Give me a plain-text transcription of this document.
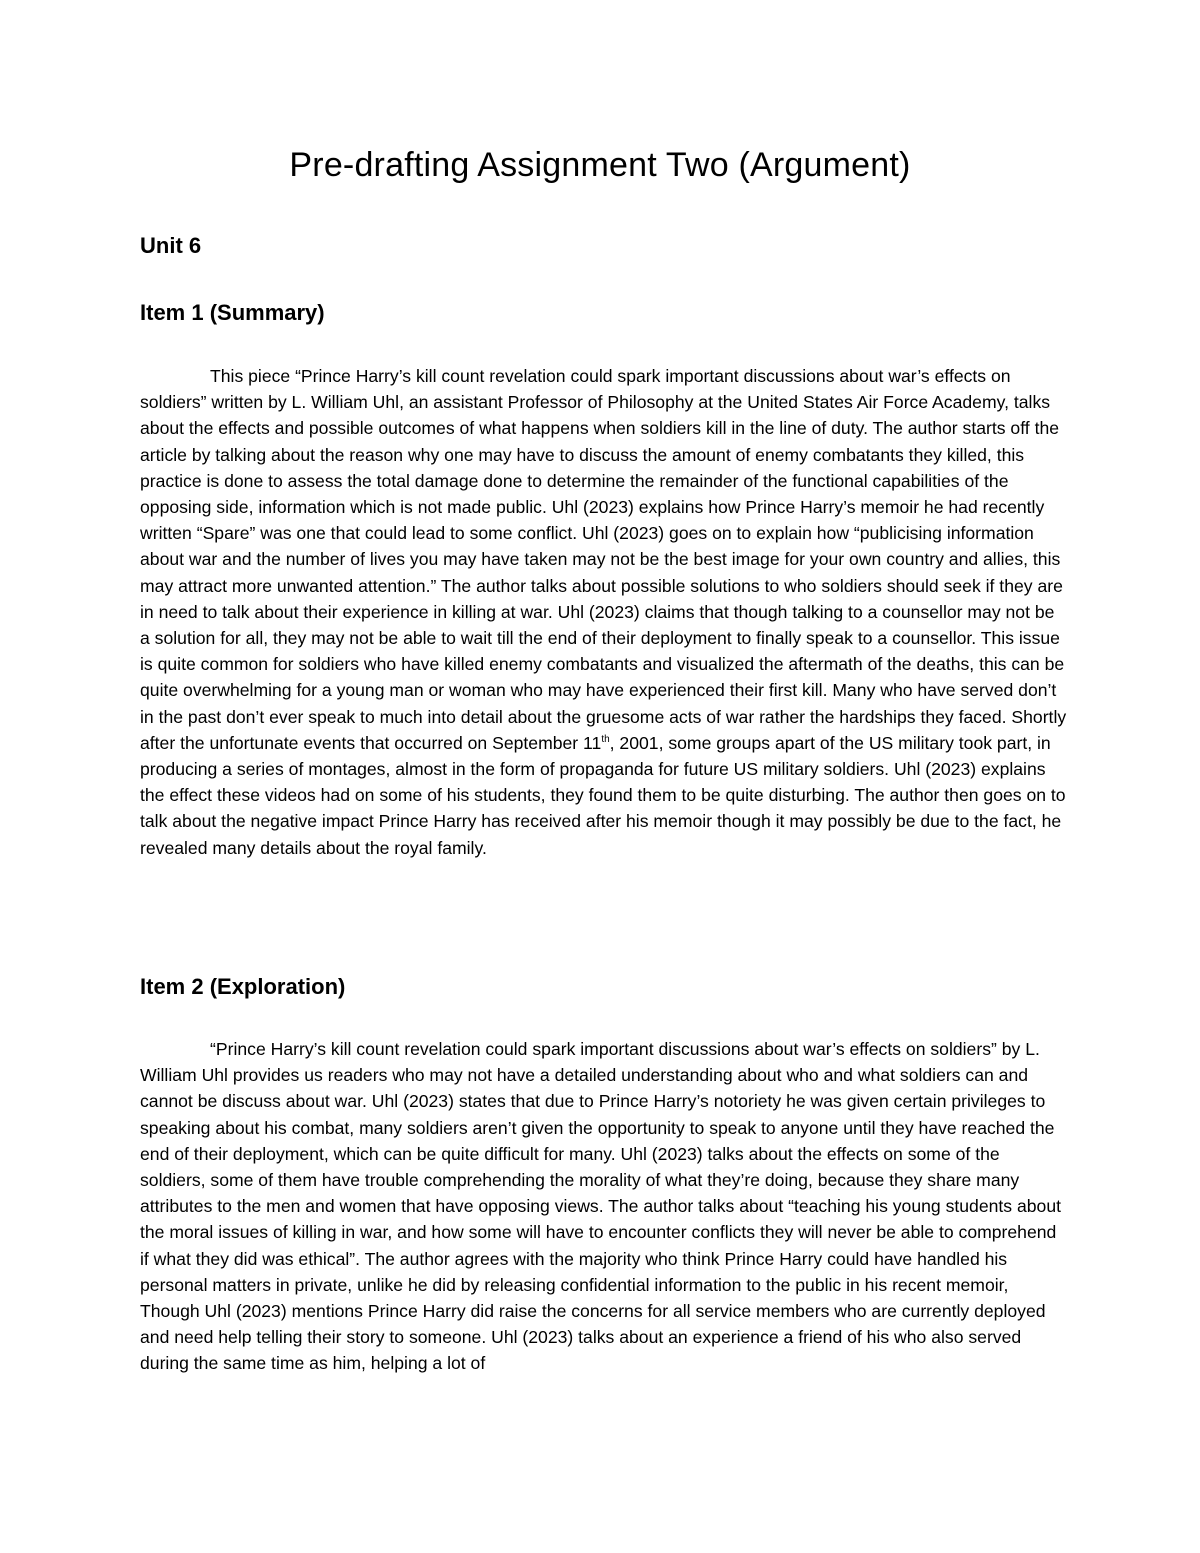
Pre-drafting Assignment Two (Argument)
Unit 6
Item 1 (Summary)

This piece “Prince Harry’s kill count revelation could spark important discussions about war’s effects on soldiers” written by L. William Uhl, an assistant Professor of Philosophy at the United States Air Force Academy, talks about the effects and possible outcomes of what happens when soldiers kill in the line of duty. The author starts off the article by talking about the reason why one may have to discuss the amount of enemy combatants they killed, this practice is done to assess the total damage done to determine the remainder of the functional capabilities of the opposing side, information which is not made public. Uhl (2023) explains how Prince Harry’s memoir he had recently written “Spare” was one that could lead to some conflict. Uhl (2023) goes on to explain how “publicising information about war and the number of lives you may have taken may not be the best image for your own country and allies, this may attract more unwanted attention.” The author talks about possible solutions to who soldiers should seek if they are in need to talk about their experience in killing at war. Uhl (2023) claims that though talking to a counsellor may not be a solution for all, they may not be able to wait till the end of their deployment to finally speak to a counsellor. This issue is quite common for soldiers who have killed enemy combatants and visualized the aftermath of the deaths, this can be quite overwhelming for a young man or woman who may have experienced their first kill. Many who have served don’t in the past don’t ever speak to much into detail about the gruesome acts of war rather the hardships they faced. Shortly after the unfortunate events that occurred on September 11th, 2001, some groups apart of the US military took part, in producing a series of montages, almost in the form of propaganda for future US military soldiers. Uhl (2023) explains the effect these videos had on some of his students, they found them to be quite disturbing. The author then goes on to talk about the negative impact Prince Harry has received after his memoir though it may possibly be due to the fact, he revealed many details about the royal family.

Item 2 (Exploration)

“Prince Harry’s kill count revelation could spark important discussions about war’s effects on soldiers” by L. William Uhl provides us readers who may not have a detailed understanding about who and what soldiers can and cannot be discuss about war. Uhl (2023) states that due to Prince Harry’s notoriety he was given certain privileges to speaking about his combat, many soldiers aren’t given the opportunity to speak to anyone until they have reached the end of their deployment, which can be quite difficult for many. Uhl (2023) talks about the effects on some of the soldiers, some of them have trouble comprehending the morality of what they’re doing, because they share many attributes to the men and women that have opposing views. The author talks about “teaching his young students about the moral issues of killing in war, and how some will have to encounter conflicts they will never be able to comprehend if what they did was ethical”. The author agrees with the majority who think Prince Harry could have handled his personal matters in private, unlike he did by releasing confidential information to the public in his recent memoir, Though Uhl (2023) mentions Prince Harry did raise the concerns for all service members who are currently deployed and need help telling their story to someone. Uhl (2023) talks about an experience a friend of his who also served during the same time as him, helping a lot of
